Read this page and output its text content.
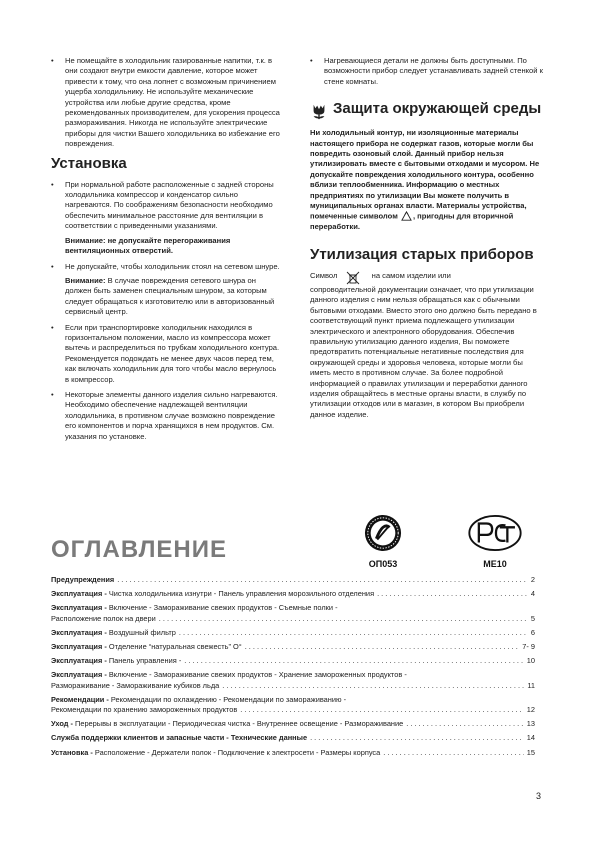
• Не помещайте в холодильник газированные напитки, т.к. в они создают внутри емкости давление, которое может привести к тому, что она лопнет с возможным причинением ущерба холодильнику. Не используйте механические устройства или любые другие средства, кроме рекомендованных производителем, для ускорения процесса размораживания. Никогда не используйте электрические приборы для чистки Вашего холодильника во избежание его повреждения.

Установка

• При нормальной работе расположенные с задней стороны холодильника компрессор и конденсатор сильно нагреваются. По соображениям безопасности необходимо обеспечить минимальное расстояние для вентиляции в соответствии с приведенными указаниями.

Внимание: не допускайте перегораживания вентиляционных отверстий.

• Не допускайте, чтобы холодильник стоял на сетевом шнуре.

Внимание: В случае повреждения сетевого шнура он должен быть заменен специальным шнуром, за которым следует обращаться к изготовителю или в авторизованный сервисный центр.

• Если при транспортировке холодильник находился в горизонтальном положении, масло из компрессора может вытечь и распределиться по трубкам холодильного контура. Рекомендуется подождать не менее двух часов перед тем, как включать холодильник для того чтобы масло вернулось в компрессор.

• Некоторые элементы данного изделия сильно нагреваются. Необходимо обеспечение надлежащей вентиляции холодильника, в противном случае возможно повреждение его компонентов и порча хранящихся в нем продуктов. См. указания по установке.

• Нагревающиеся детали не должны быть доступными. По возможности прибор следует устанавливать задней стенкой к стене комнаты.

Защита окружающей среды

Ни холодильный контур, ни изоляционные материалы настоящего прибора не содержат газов, которые могли бы повредить озоновый слой. Данный прибор нельзя утилизировать вместе с бытовыми отходами и мусором. Не допускайте повреждения холодильного контура, особенно вблизи теплообменника. Информацию о местных предприятиях по утилизации Вы можете получить в муниципальных органах власти. Материалы устройства, помеченные символом , пригодны для вторичной переработки.

Утилизация старых приборов

Символ	на самом изделии или
сопроводительной документации означает, что при утилизации данного изделия с ним нельзя обращаться как с обычными бытовыми отходами. Вместо этого оно должно быть передано в соответствующий пункт приема подлежащего утилизации электрического и электронного оборудования. Обеспечив правильную утилизацию данного изделия, Вы поможете предотвратить потенциальные негативные последствия для окружающей среды и здоровья человека, которые могли бы иметь место в противном случае. За более подробной информацией о правилах утилизации и переработки данного изделия обращайтесь в местные органы власти, в службу по утилизации отходов или в магазин, в котором Вы приобрели данное изделие.

ОП053	МЕ10
ОГЛАВЛЕНИЕ
Предупреждения . . .	2
Эксплуатация - Чистка холодильника изнутри - Панель управления морозильного отделения . . .	4
Эксплуатация - Включение - Замораживание свежих продуктов - Съемные полки -
Расположение полок на двери . . .	5
Эксплуатация - Воздушный фильтр . . .	6
Эксплуатация - Отделение “натуральная свежесть” О° . . .	7- 9
Эксплуатация - Панель управления - . . .	10
Эксплуатация - Включение - Замораживание свежих продуктов - Хранение замороженных продуктов -
Размораживание - Замораживание кубиков льда . . .	11
Рекомендации - Рекомендации по охлаждению - Рекомендации по замораживанию -
Рекомендации по хранению замороженных продуктов . . .	12
Уход - Перерывы в эксплуатации - Периодическая чистка - Внутреннее освещение - Размораживание . . .	13
Служба поддержки клиентов и запасные части - Технические данные . . .	14
Установка - Расположение - Держатели полок - Подключение к электросети - Размеры корпуса . . .	15
3
